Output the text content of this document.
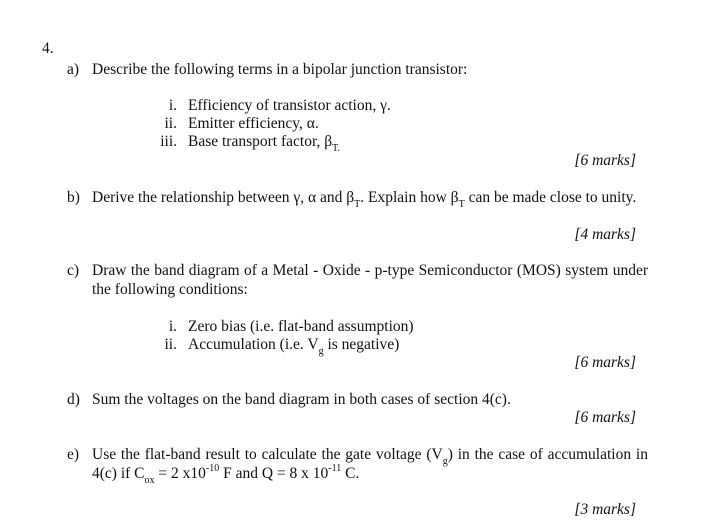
4.
a) Describe the following terms in a bipolar junction transistor:
i. Efficiency of transistor action, γ.
ii. Emitter efficiency, α.
iii. Base transport factor, $\beta_{T.}$
[6 marks]
b) Derive the relationship between γ, α and $\beta_T$. Explain how $\beta_T$ can be made close to unity.
[4 marks]
c) Draw the band diagram of a Metal - Oxide - p-type Semiconductor (MOS) system under the following conditions:
i. Zero bias (i.e. flat-band assumption)
ii. Accumulation (i.e. $V_g$ is negative)
[6 marks]
d) Sum the voltages on the band diagram in both cases of section 4(c).
[6 marks]
e) Use the flat-band result to calculate the gate voltage $(V_g)$ in the case of accumulation in 4(c) if $C_{ox} = 2$ $x10^{-10}$ F and Q = 8 x $10^{-11}$ C.
[3 marks]
